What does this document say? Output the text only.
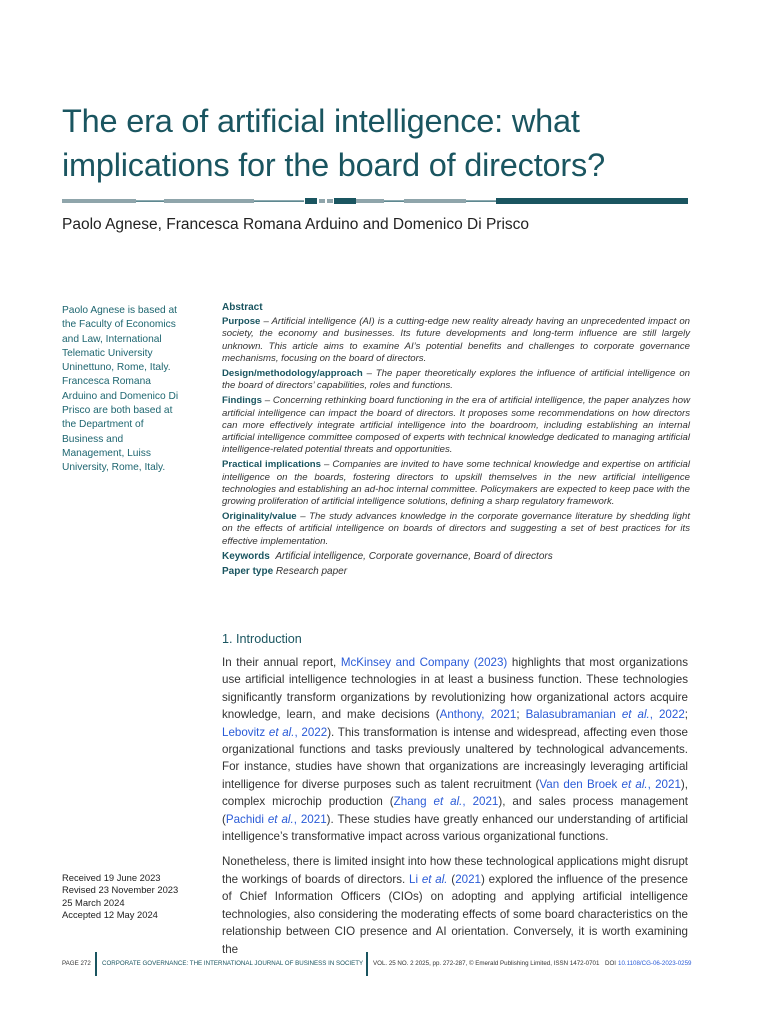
The era of artificial intelligence: what
implications for the board of directors?

Paolo Agnese, Francesca Romana Arduino and Domenico Di Prisco

Paolo Agnese is based at the Faculty of Economics and Law, International Telematic University Uninettuno, Rome, Italy. Francesca Romana Arduino and Domenico Di Prisco are both based at the Department of Business and Management, Luiss University, Rome, Italy.

Abstract

Purpose – Artificial intelligence (AI) is a cutting-edge new reality already having an unprecedented impact on society, the economy and businesses. Its future developments and long-term influence are still largely unknown. This article aims to examine AI’s potential benefits and challenges to corporate governance mechanisms, focusing on the board of directors.

Design/methodology/approach – The paper theoretically explores the influence of artificial intelligence on the board of directors’ capabilities, roles and functions.

Findings – Concerning rethinking board functioning in the era of artificial intelligence, the paper analyzes how artificial intelligence can impact the board of directors. It proposes some recommendations on how directors can more effectively integrate artificial intelligence into the boardroom, including establishing an internal artificial intelligence committee composed of experts with technical knowledge dedicated to managing artificial intelligence-related potential threats and opportunities.

Practical implications – Companies are invited to have some technical knowledge and expertise on artificial intelligence on the boards, fostering directors to upskill themselves in the new artificial intelligence technologies and establishing an ad-hoc internal committee. Policymakers are expected to keep pace with the growing proliferation of artificial intelligence solutions, defining a sharp regulatory framework.

Originality/value – The study advances knowledge in the corporate governance literature by shedding light on the effects of artificial intelligence on boards of directors and suggesting a set of best practices for its effective implementation.

Keywords Artificial intelligence, Corporate governance, Board of directors

Paper type Research paper

1. Introduction

In their annual report, McKinsey and Company (2023) highlights that most organizations use artificial intelligence technologies in at least a business function. These technologies significantly transform organizations by revolutionizing how organizational actors acquire knowledge, learn, and make decisions (Anthony, 2021; Balasubramanian et al., 2022; Lebovitz et al., 2022). This transformation is intense and widespread, affecting even those organizational functions and tasks previously unaltered by technological advancements. For instance, studies have shown that organizations are increasingly leveraging artificial intelligence for diverse purposes such as talent recruitment (Van den Broek et al., 2021), complex microchip production (Zhang et al., 2021), and sales process management (Pachidi et al., 2021). These studies have greatly enhanced our understanding of artificial intelligence’s transformative impact across various organizational functions.

Nonetheless, there is limited insight into how these technological applications might disrupt the workings of boards of directors. Li et al. (2021) explored the influence of the presence of Chief Information Officers (CIOs) on adopting and applying artificial intelligence technologies, also considering the moderating effects of some board characteristics on the relationship between CIO presence and AI orientation. Conversely, it is worth examining the

Received 19 June 2023
Revised 23 November 2023
25 March 2024
Accepted 12 May 2024

PAGE 272 CORPORATE GOVERNANCE: THE INTERNATIONAL JOURNAL OF BUSINESS IN SOCIETY VOL. 25 NO. 2 2025, pp. 272-287, © Emerald Publishing Limited, ISSN 1472-0701 DOI 10.1108/CG-06-2023-0259
